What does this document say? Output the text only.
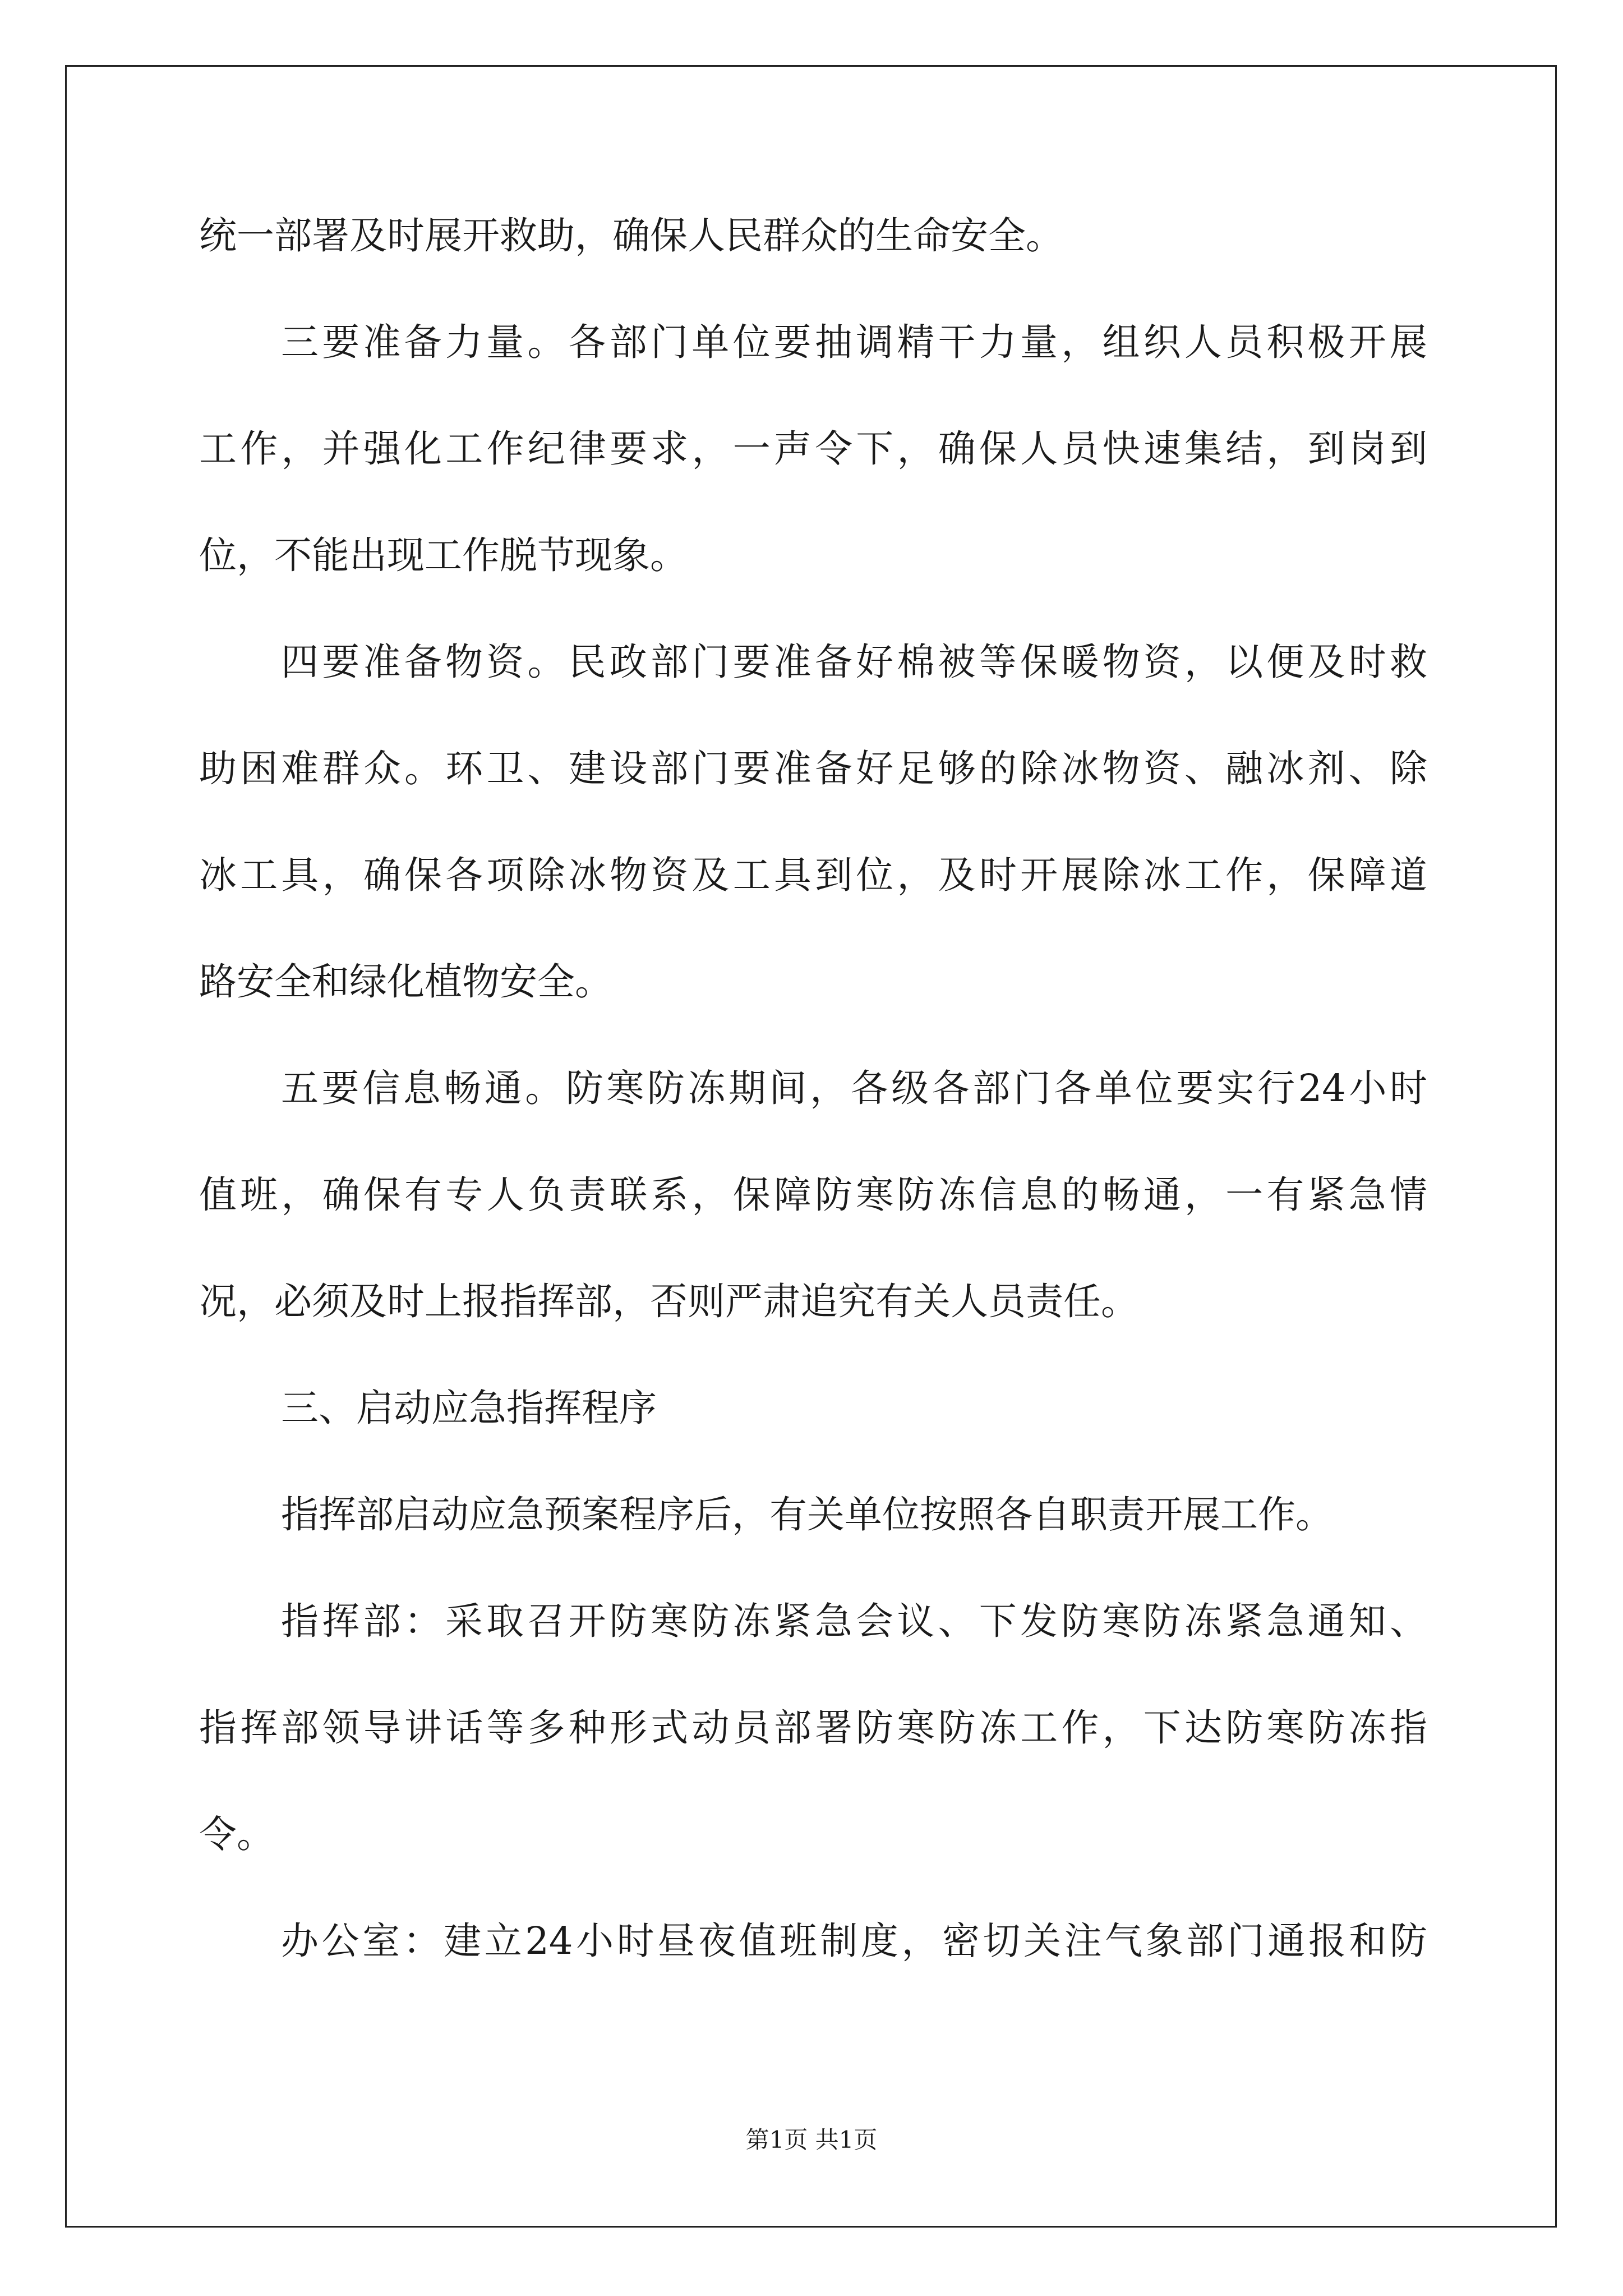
统一部署及时展开救助，确保人民群众的生命安全。
三要准备力量。各部门单位要抽调精干力量，组织人员积极开展
工作，并强化工作纪律要求，一声令下，确保人员快速集结，到岗到
位，不能出现工作脱节现象。
四要准备物资。民政部门要准备好棉被等保暖物资，以便及时救
助困难群众。环卫、建设部门要准备好足够的除冰物资、融冰剂、除
冰工具，确保各项除冰物资及工具到位，及时开展除冰工作，保障道
路安全和绿化植物安全。
五要信息畅通。防寒防冻期间，各级各部门各单位要实行24小时
值班，确保有专人负责联系，保障防寒防冻信息的畅通，一有紧急情
况，必须及时上报指挥部，否则严肃追究有关人员责任。
三、启动应急指挥程序
指挥部启动应急预案程序后，有关单位按照各自职责开展工作。
指挥部：采取召开防寒防冻紧急会议、下发防寒防冻紧急通知、
指挥部领导讲话等多种形式动员部署防寒防冻工作，下达防寒防冻指
令。
办公室：建立24小时昼夜值班制度，密切关注气象部门通报和防
第1页 共1页
